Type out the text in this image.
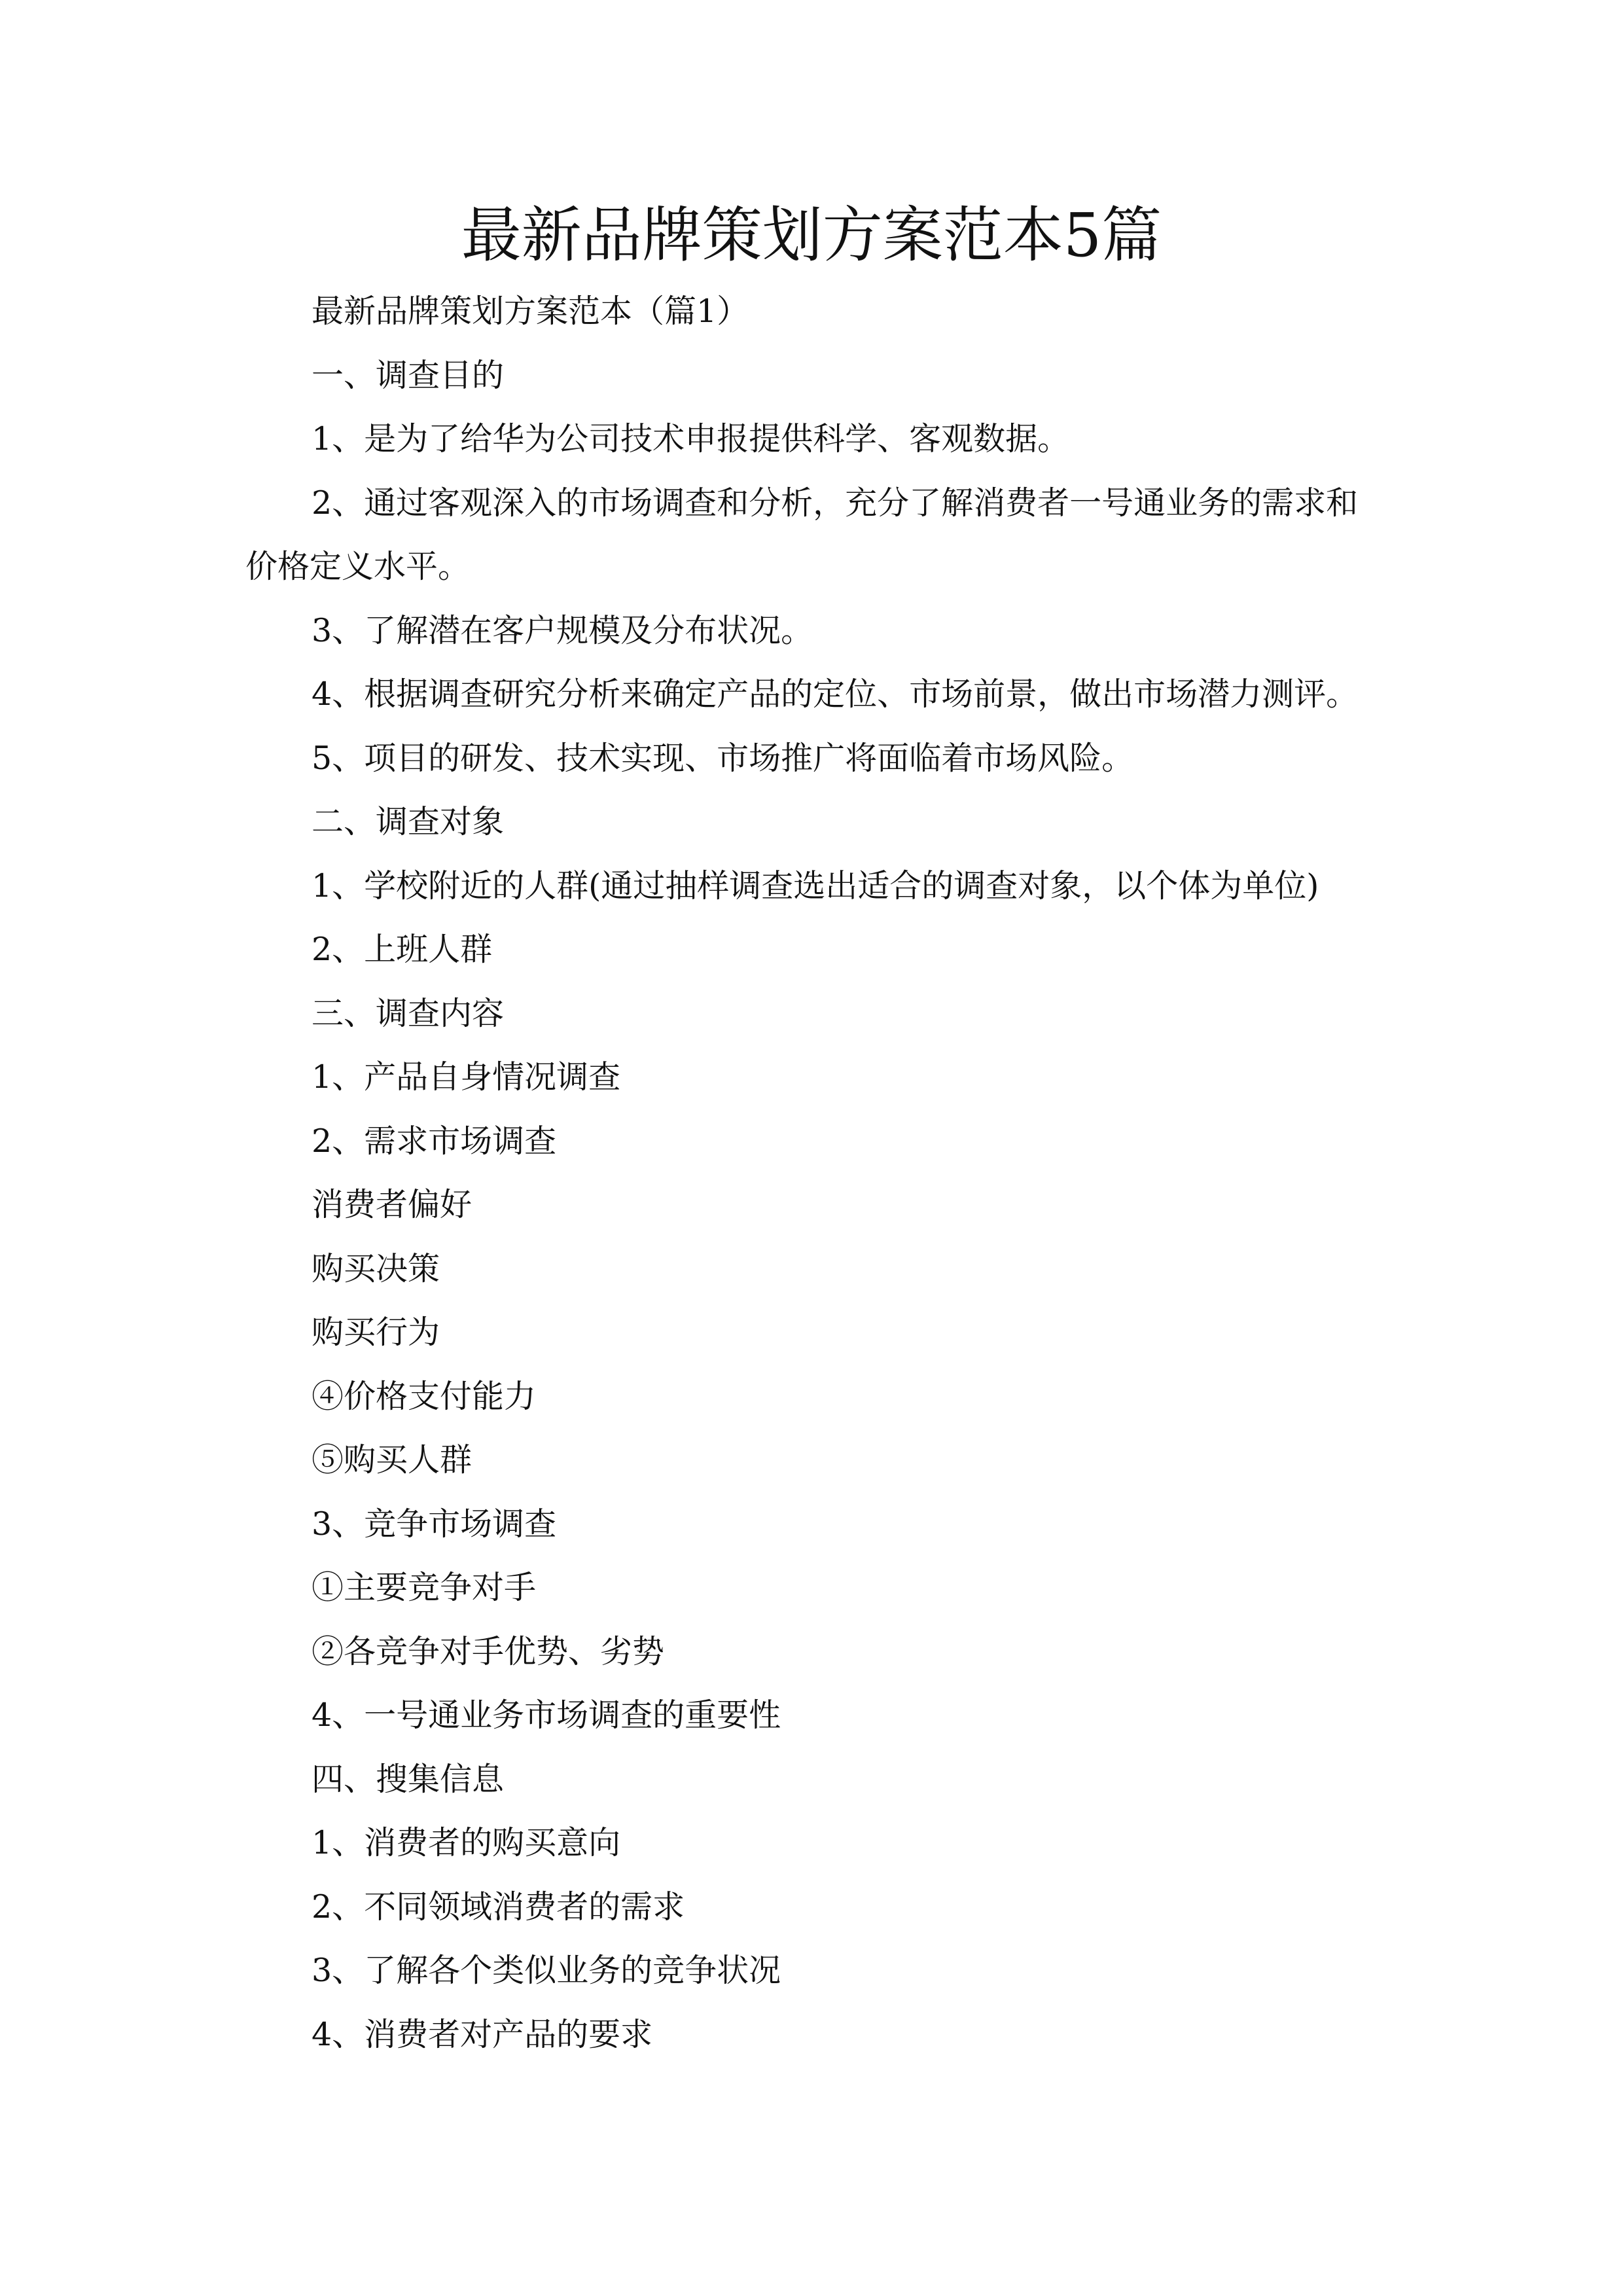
最新品牌策划方案范本5篇
最新品牌策划方案范本（篇1）
一、调查目的
1、是为了给华为公司技术申报提供科学、客观数据。
2、通过客观深入的市场调查和分析，充分了解消费者一号通业务的需求和
价格定义水平。
3、了解潜在客户规模及分布状况。
4、根据调查研究分析来确定产品的定位、市场前景，做出市场潜力测评。
5、项目的研发、技术实现、市场推广将面临着市场风险。
二、调查对象
1、学校附近的人群(通过抽样调查选出适合的调查对象，以个体为单位)
2、上班人群
三、调查内容
1、产品自身情况调查
2、需求市场调查
消费者偏好
购买决策
购买行为
④价格支付能力
⑤购买人群
3、竞争市场调查
①主要竞争对手
②各竞争对手优势、劣势
4、一号通业务市场调查的重要性
四、搜集信息
1、消费者的购买意向
2、不同领域消费者的需求
3、了解各个类似业务的竞争状况
4、消费者对产品的要求
